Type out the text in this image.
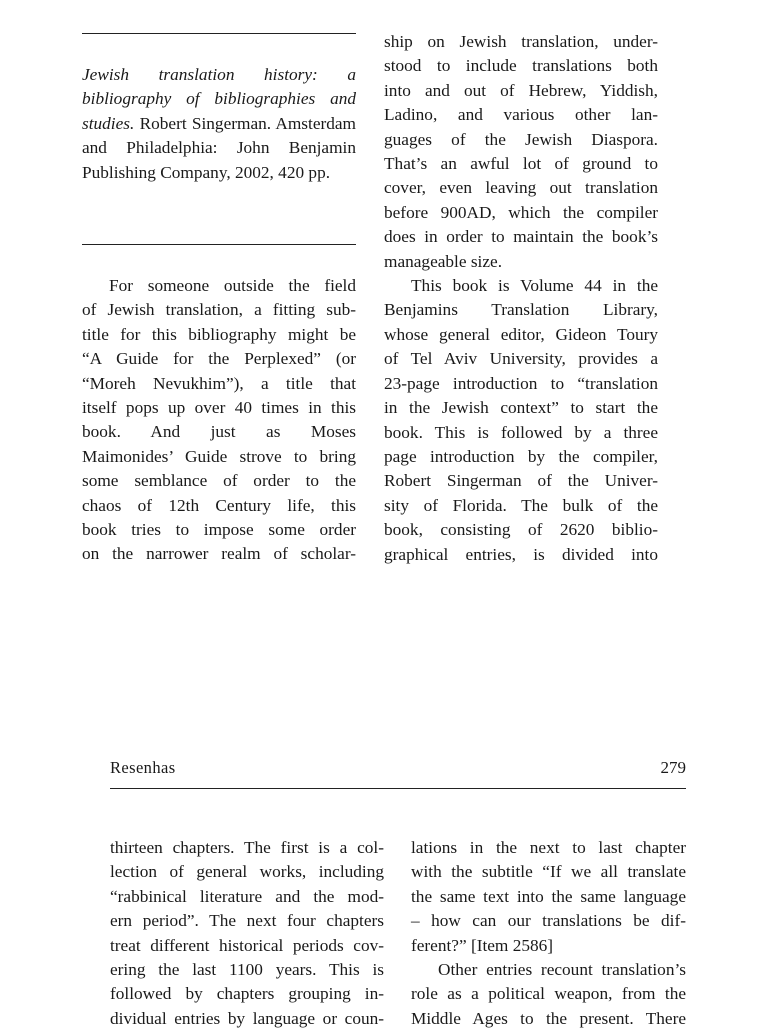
Jewish translation history: a bibliography of bibliographies and studies. Robert Singerman. Amsterdam and Philadelphia: John Benjamin Publishing Company, 2002, 420 pp.

For someone outside the field

of Jewish translation, a fitting sub-

title for this bibliography might be

“A Guide for the Perplexed” (or

“Moreh Nevukhim”), a title that

itself pops up over 40 times in this

book. And just as Moses

Maimonides’ Guide strove to bring

some semblance of order to the

chaos of 12th Century life, this

book tries to impose some order

on the narrower realm of scholar-

ship on Jewish translation, under-

stood to include translations both

into and out of Hebrew, Yiddish,

Ladino, and various other lan-

guages of the Jewish Diaspora.

That’s an awful lot of ground to

cover, even leaving out translation

before 900AD, which the compiler

does in order to maintain the book’s

manageable size.

This book is Volume 44 in the

Benjamins Translation Library,

whose general editor, Gideon Toury

of Tel Aviv University, provides a

23-page introduction to “translation

in the Jewish context” to start the

book. This is followed by a three

page introduction by the compiler,

Robert Singerman of the Univer-

sity of Florida. The bulk of the

book, consisting of 2620 biblio-

graphical entries, is divided into

Resenhas	279

thirteen chapters. The first is a col-

lection of general works, including

“rabbinical literature and the mod-

ern period”. The next four chapters

treat different historical periods cov-

ering the last 1100 years. This is

followed by chapters grouping in-

dividual entries by language or coun-

lations in the next to last chapter

with the subtitle “If we all translate

the same text into the same language

– how can our translations be dif-

ferent?” [Item 2586]

Other entries recount translation’s

role as a political weapon, from the

Middle Ages to the present. There
